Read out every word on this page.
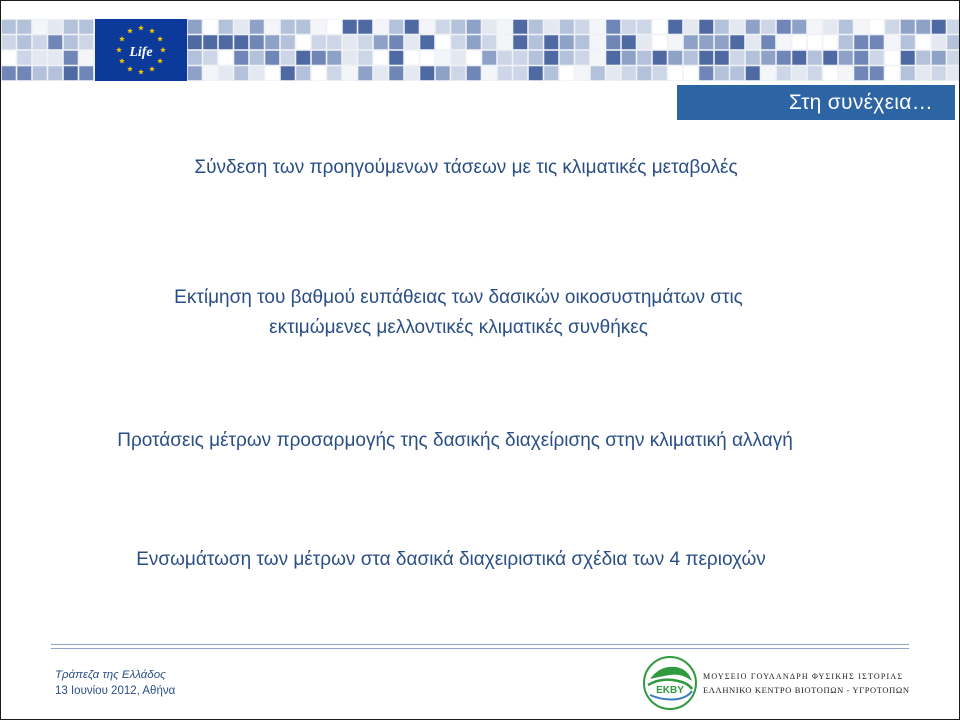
Life
Στη συνέχεια…
Σύνδεση των προηγούμενων τάσεων με τις κλιματικές μεταβολές
Εκτίμηση του βαθμού ευπάθειας των δασικών οικοσυστημάτων στις
εκτιμώμενες μελλοντικές κλιματικές συνθήκες
Προτάσεις μέτρων προσαρμογής της δασικής διαχείρισης στην κλιματική αλλαγή
Ενσωμάτωση των μέτρων στα δασικά διαχειριστικά σχέδια των 4 περιοχών
Τράπεζα της Ελλάδος
13 Ιουνίου 2012, Αθήνα	EKBY
ΜΟΥΣΕΙΟ ΓΟΥΛΑΝΔΡΗ ΦΥΣΙΚΗΣ ΙΣΤΟΡΙΑΣ
ΕΛΛΗΝΙΚΟ ΚΕΝΤΡΟ ΒΙΟΤΟΠΩΝ - ΥΓΡΟΤΟΠΩΝ
